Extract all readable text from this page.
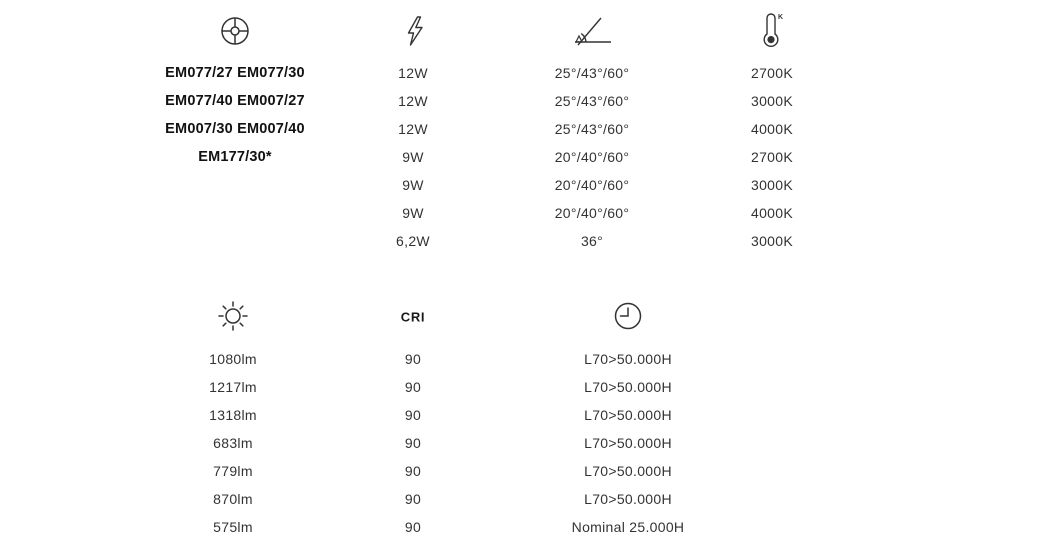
K
EM077/27 EM077/30
EM077/40 EM007/27
EM007/30 EM007/40
EM177/30*
12W
12W
12W
9W
9W
9W
6,2W
25°/43°/60°
25°/43°/60°
25°/43°/60°
20°/40°/60°
20°/40°/60°
20°/40°/60°
36°
2700K
3000K
4000K
2700K
3000K
4000K
3000K
CRI
1080lm
1217lm
1318lm
683lm
779lm
870lm
575lm
90
90
90
90
90
90
90
L70>50.000H
L70>50.000H
L70>50.000H
L70>50.000H
L70>50.000H
L70>50.000H
Nominal 25.000H
